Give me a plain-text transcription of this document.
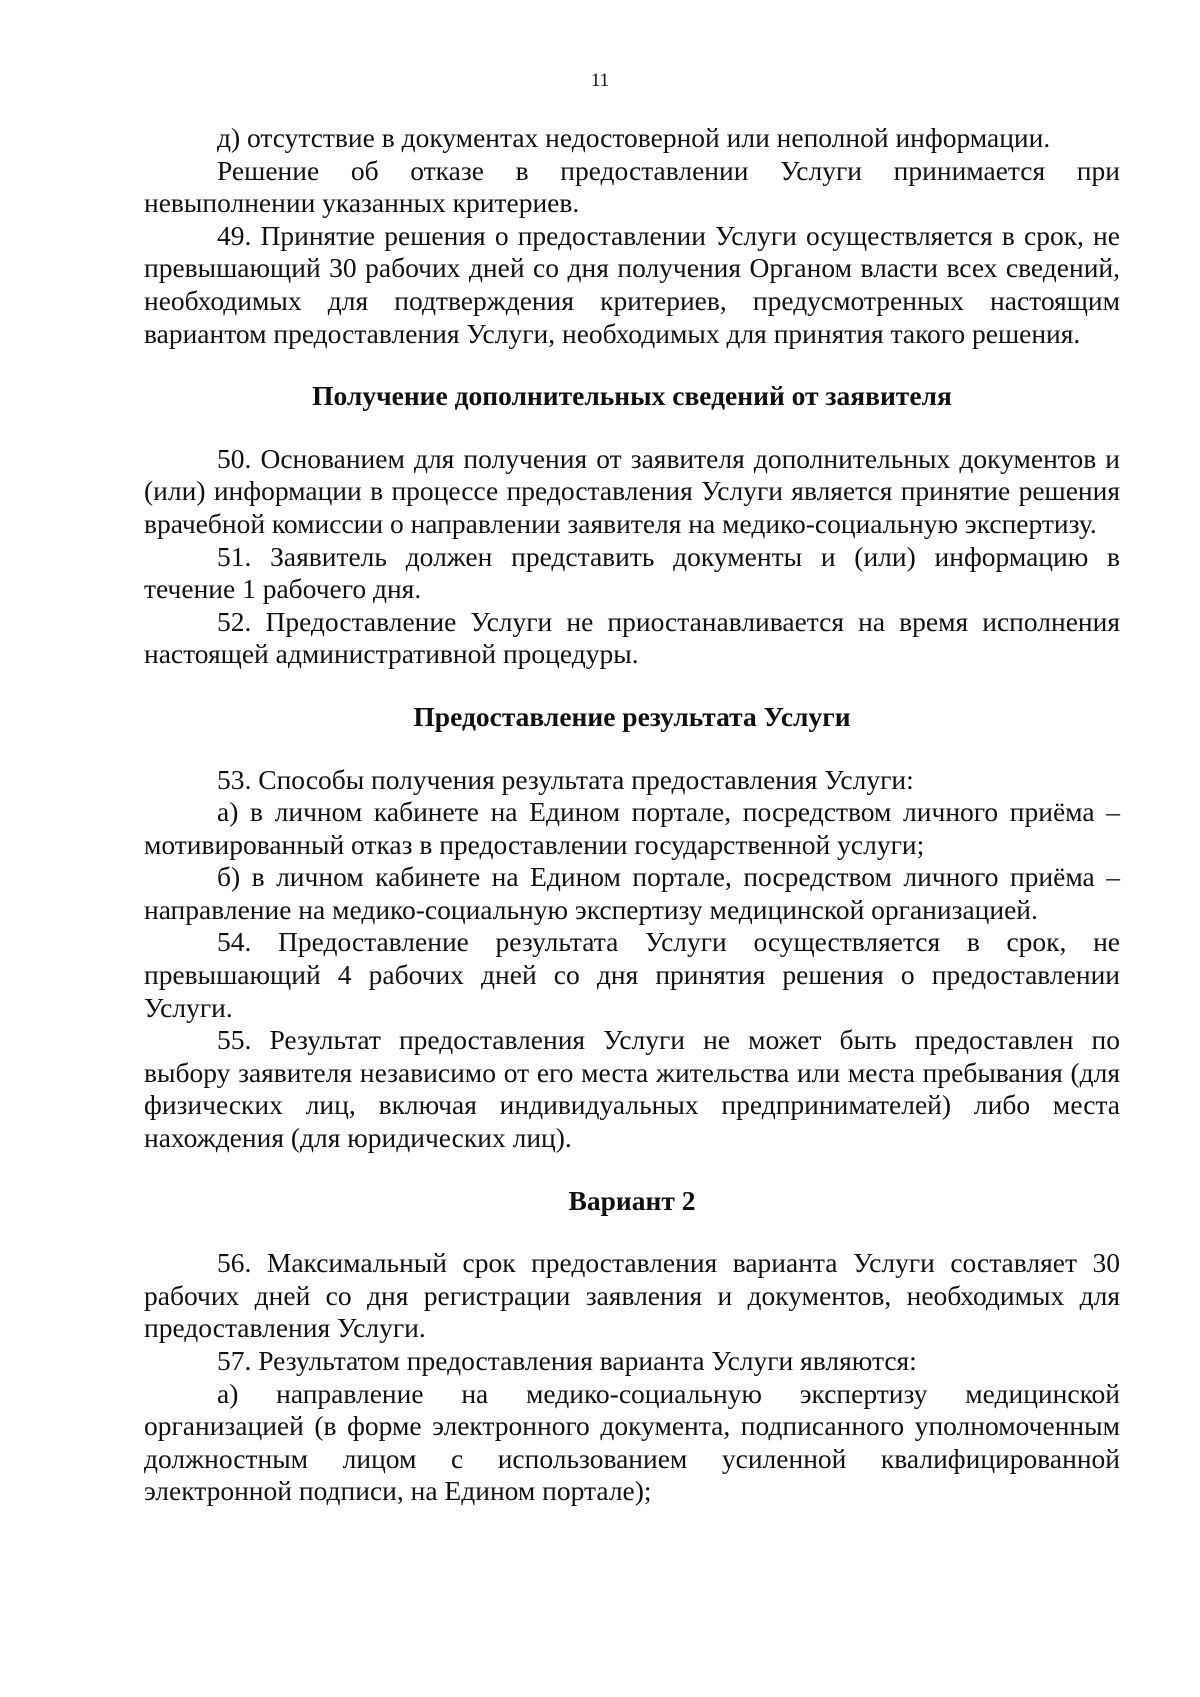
11

д) отсутствие в документах недостоверной или неполной информации.

Решение об отказе в предоставлении Услуги принимается при невыполнении указанных критериев.

49. Принятие решения о предоставлении Услуги осуществляется в срок, не превышающий 30 рабочих дней со дня получения Органом власти всех сведений, необходимых для подтверждения критериев, предусмотренных настоящим вариантом предоставления Услуги, необходимых для принятия такого решения.

Получение дополнительных сведений от заявителя

50. Основанием для получения от заявителя дополнительных документов и (или) информации в процессе предоставления Услуги является принятие решения врачебной комиссии о направлении заявителя на медико-социальную экспертизу.

51. Заявитель должен представить документы и (или) информацию в течение 1 рабочего дня.

52. Предоставление Услуги не приостанавливается на время исполнения настоящей административной процедуры.

Предоставление результата Услуги

53. Способы получения результата предоставления Услуги:

а) в личном кабинете на Едином портале, посредством личного приёма – мотивированный отказ в предоставлении государственной услуги;

б) в личном кабинете на Едином портале, посредством личного приёма – направление на медико-социальную экспертизу медицинской организацией.

54. Предоставление результата Услуги осуществляется в срок, не превышающий 4 рабочих дней со дня принятия решения о предоставлении Услуги.

55. Результат предоставления Услуги не может быть предоставлен по выбору заявителя независимо от его места жительства или места пребывания (для физических лиц, включая индивидуальных предпринимателей) либо места нахождения (для юридических лиц).

Вариант 2

56. Максимальный срок предоставления варианта Услуги составляет 30 рабочих дней со дня регистрации заявления и документов, необходимых для предоставления Услуги.

57. Результатом предоставления варианта Услуги являются:

а) направление на медико-социальную экспертизу медицинской организацией (в форме электронного документа, подписанного уполномоченным должностным лицом с использованием усиленной квалифицированной электронной подписи, на Едином портале);
